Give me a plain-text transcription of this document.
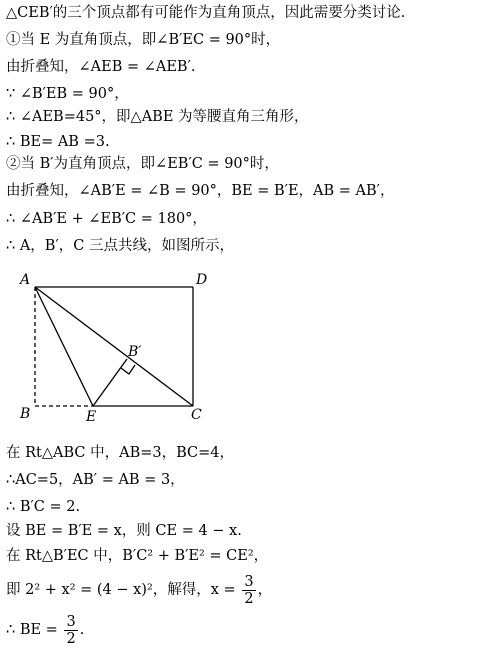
△CEB′的三个顶点都有可能作为直角顶点，因此需要分类讨论.
①当 E 为直角顶点，即∠B′EC = 90°时，
由折叠知，∠AEB = ∠AEB′.
∵ ∠B′EB = 90°，
∴ ∠AEB=45°，即△ABE 为等腰直角三角形，
∴ BE= AB =3.
②当 B′为直角顶点，即∠EB′C = 90°时，
由折叠知，∠AB′E = ∠B = 90°，BE = B′E，AB = AB′，
∴ ∠AB′E + ∠EB′C = 180°，
∴ A，B′，C 三点共线，如图所示，
A	D
B	E	C
B′
在 Rt△ABC 中，AB=3，BC=4，
∴AC=5，AB′ = AB = 3，
∴ B′C = 2.
设 BE = B′E = x，则 CE = 4 − x.
在 Rt△B′EC 中，B′C² + B′E² = CE²，
即 2² + x² = (4 − x)²，解得，$x = \frac{3}{2}$ ，
∴ BE = $\frac{3}{2}$ .
